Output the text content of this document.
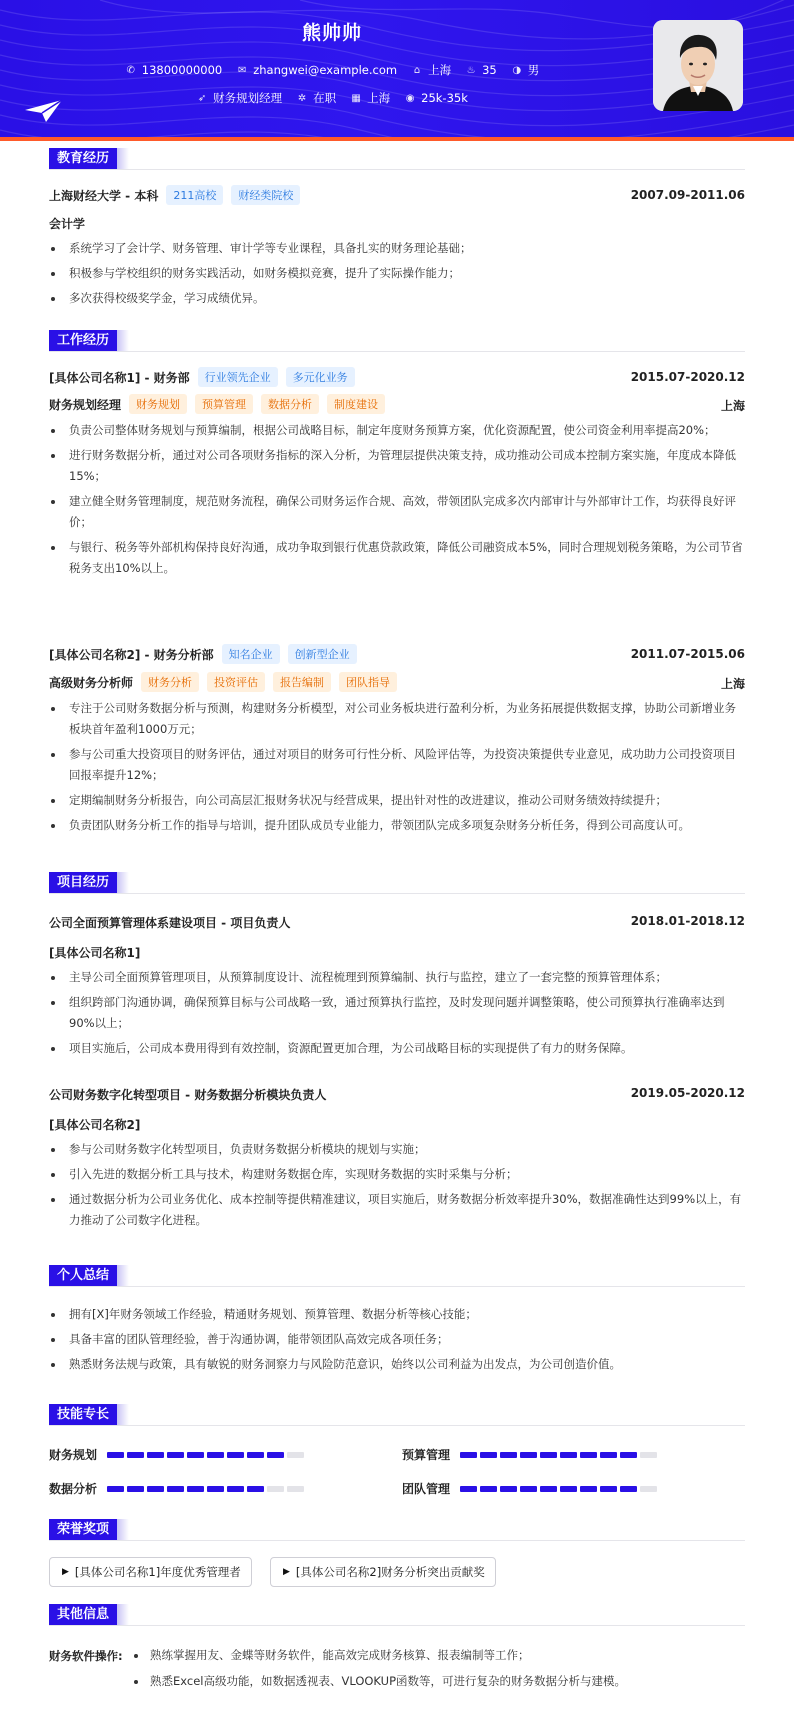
熊帅帅
✆ 13800000000 ✉ zhangwei@example.com ⌂ 上海 ♨ 35 ◑ 男
➶ 财务规划经理 ✲ 在职 ▦ 上海 ◉ 25k-35k
教育经历
上海财经大学 - 本科	211高校	财经类院校	2007.09-2011.06
会计学
系统学习了会计学、财务管理、审计学等专业课程，具备扎实的财务理论基础；
积极参与学校组织的财务实践活动，如财务模拟竞赛，提升了实际操作能力；
多次获得校级奖学金，学习成绩优异。
工作经历
[具体公司名称1] - 财务部	行业领先企业	多元化业务	2015.07-2020.12
财务规划经理	财务规划	预算管理	数据分析	制度建设	上海
负责公司整体财务规划与预算编制，根据公司战略目标，制定年度财务预算方案，优化资源配置，使公司资金利用率提高20%；
进行财务数据分析，通过对公司各项财务指标的深入分析，为管理层提供决策支持，成功推动公司成本控制方案实施，年度成本降低15%；
建立健全财务管理制度，规范财务流程，确保公司财务运作合规、高效，带领团队完成多次内部审计与外部审计工作，均获得良好评价；
与银行、税务等外部机构保持良好沟通，成功争取到银行优惠贷款政策，降低公司融资成本5%，同时合理规划税务策略，为公司节省税务支出10%以上。
[具体公司名称2] - 财务分析部	知名企业	创新型企业	2011.07-2015.06
高级财务分析师	财务分析	投资评估	报告编制	团队指导	上海
专注于公司财务数据分析与预测，构建财务分析模型，对公司业务板块进行盈利分析，为业务拓展提供数据支撑，协助公司新增业务板块首年盈利1000万元；
参与公司重大投资项目的财务评估，通过对项目的财务可行性分析、风险评估等，为投资决策提供专业意见，成功助力公司投资项目回报率提升12%；
定期编制财务分析报告，向公司高层汇报财务状况与经营成果，提出针对性的改进建议，推动公司财务绩效持续提升；
负责团队财务分析工作的指导与培训，提升团队成员专业能力，带领团队完成多项复杂财务分析任务，得到公司高度认可。
项目经历
公司全面预算管理体系建设项目 - 项目负责人	2018.01-2018.12
[具体公司名称1]
主导公司全面预算管理项目，从预算制度设计、流程梳理到预算编制、执行与监控，建立了一套完整的预算管理体系；
组织跨部门沟通协调，确保预算目标与公司战略一致，通过预算执行监控，及时发现问题并调整策略，使公司预算执行准确率达到90%以上；
项目实施后，公司成本费用得到有效控制，资源配置更加合理，为公司战略目标的实现提供了有力的财务保障。
公司财务数字化转型项目 - 财务数据分析模块负责人	2019.05-2020.12
[具体公司名称2]
参与公司财务数字化转型项目，负责财务数据分析模块的规划与实施；
引入先进的数据分析工具与技术，构建财务数据仓库，实现财务数据的实时采集与分析；
通过数据分析为公司业务优化、成本控制等提供精准建议，项目实施后，财务数据分析效率提升30%，数据准确性达到99%以上，有力推动了公司数字化进程。
个人总结
拥有[X]年财务领域工作经验，精通财务规划、预算管理、数据分析等核心技能；
具备丰富的团队管理经验，善于沟通协调，能带领团队高效完成各项任务；
熟悉财务法规与政策，具有敏锐的财务洞察力与风险防范意识，始终以公司利益为出发点，为公司创造价值。
技能专长
财务规划	预算管理
数据分析	团队管理
荣誉奖项
▶ [具体公司名称1]年度优秀管理者	▶ [具体公司名称2]财务分析突出贡献奖
其他信息
财务软件操作:	熟练掌握用友、金蝶等财务软件，能高效完成财务核算、报表编制等工作；
熟悉Excel高级功能，如数据透视表、VLOOKUP函数等，可进行复杂的财务数据分析与建模。
